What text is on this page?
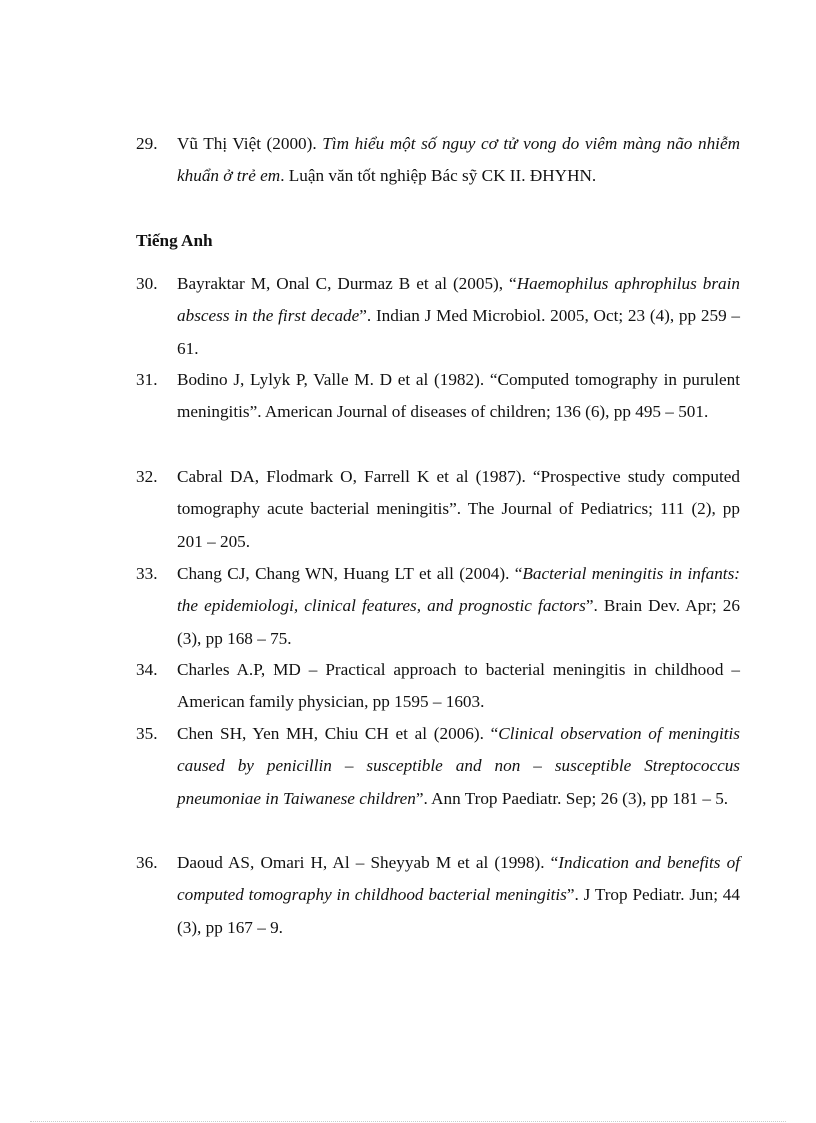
29.	Vũ Thị Việt (2000). Tìm hiểu một số nguy cơ tử vong do viêm màng não nhiễm khuẩn ở trẻ em. Luận văn tốt nghiệp Bác sỹ CK II. ĐHYHN.
Tiếng Anh
30.	Bayraktar M, Onal C, Durmaz B et al (2005), “Haemophilus aphrophilus brain abscess in the first decade”. Indian J Med Microbiol. 2005, Oct; 23 (4), pp 259 – 61.
31.	Bodino J, Lylyk P, Valle M. D et al (1982). “Computed tomography in purulent meningitis”. American Journal of diseases of children; 136 (6), pp 495 – 501.
32.	Cabral DA, Flodmark O, Farrell K et al (1987). “Prospective study computed tomography acute bacterial meningitis”. The Journal of Pediatrics; 111 (2), pp 201 – 205.
33.	Chang CJ, Chang WN, Huang LT et all (2004). “Bacterial meningitis in infants: the epidemiologi, clinical features, and prognostic factors”. Brain Dev. Apr; 26 (3), pp 168 – 75.
34.	Charles A.P, MD – Practical approach to bacterial meningitis in childhood – American family physician, pp 1595 – 1603.
35.	Chen SH, Yen MH, Chiu CH et al (2006). “Clinical observation of meningitis caused by penicillin – susceptible and non – susceptible Streptococcus pneumoniae in Taiwanese children”. Ann Trop Paediatr. Sep; 26 (3), pp 181 – 5.
36.	Daoud AS, Omari H, Al – Sheyyab M et al (1998). “Indication and benefits of computed tomography in childhood bacterial meningitis”. J Trop Pediatr. Jun; 44 (3), pp 167 – 9.
